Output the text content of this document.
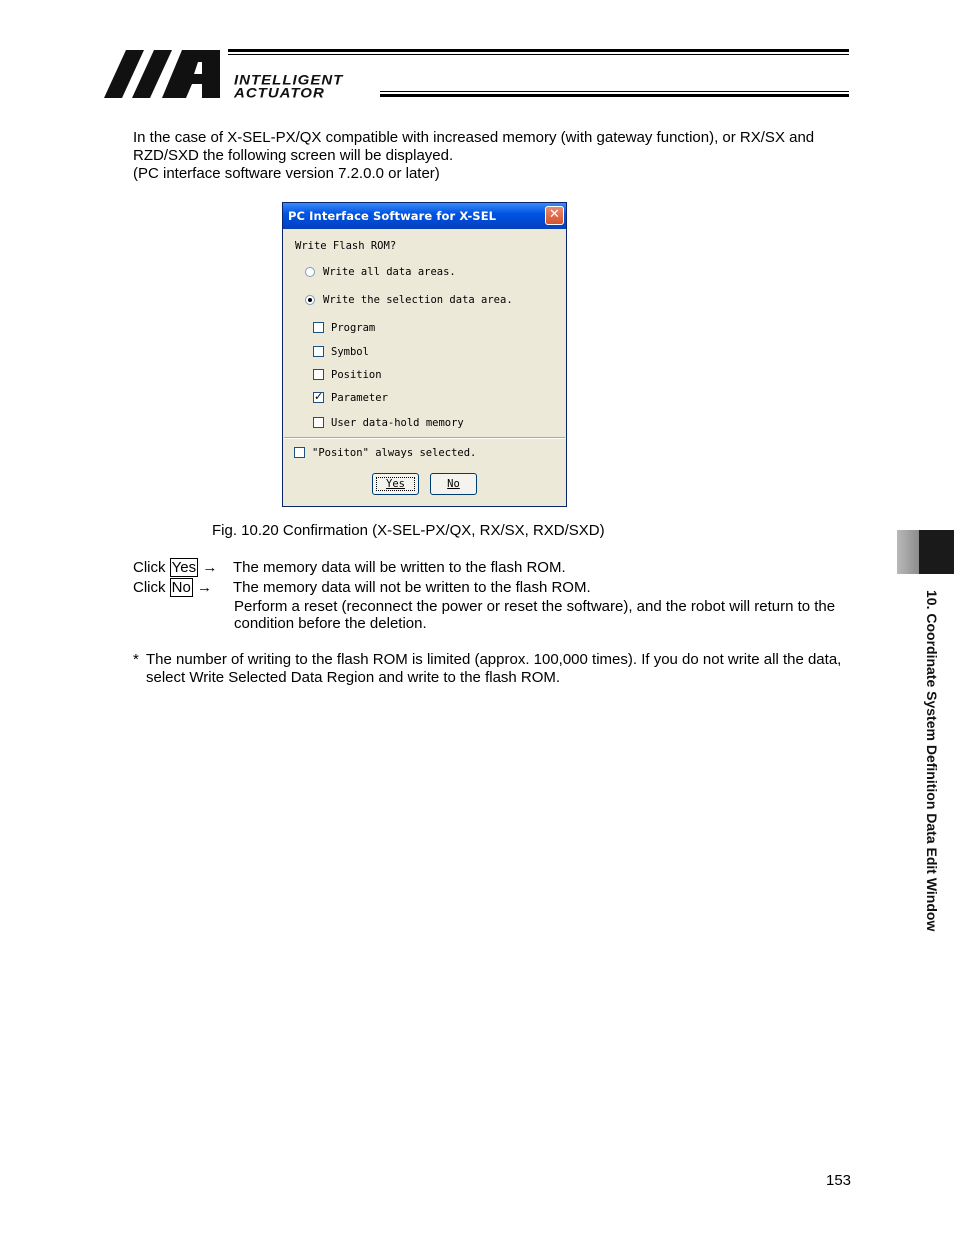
INTELLIGENT
ACTUATOR
In the case of X-SEL-PX/QX compatible with increased memory (with gateway function), or RX/SX and
RZD/SXD the following screen will be displayed.
(PC interface software version 7.2.0.0 or later)
PC Interface Software for X-SEL	✕
Write Flash ROM?
Write all data areas.
Write the selection data area.
Program
Symbol
Position
✓
Parameter
User data-hold memory
"Positon" always selected.
Yes	No
Fig. 10.20 Confirmation (X-SEL-PX/QX, RX/SX, RXD/SXD)
Click Yes → The memory data will be written to the flash ROM.
Click No → The memory data will not be written to the flash ROM.
Perform a reset (reconnect the power or reset the software), and the robot will return to the
condition before the deletion.
* The number of writing to the flash ROM is limited (approx. 100,000 times). If you do not write all the data,
select Write Selected Data Region and write to the flash ROM.	10. Coordinate System Definition Data Edit Window
153
